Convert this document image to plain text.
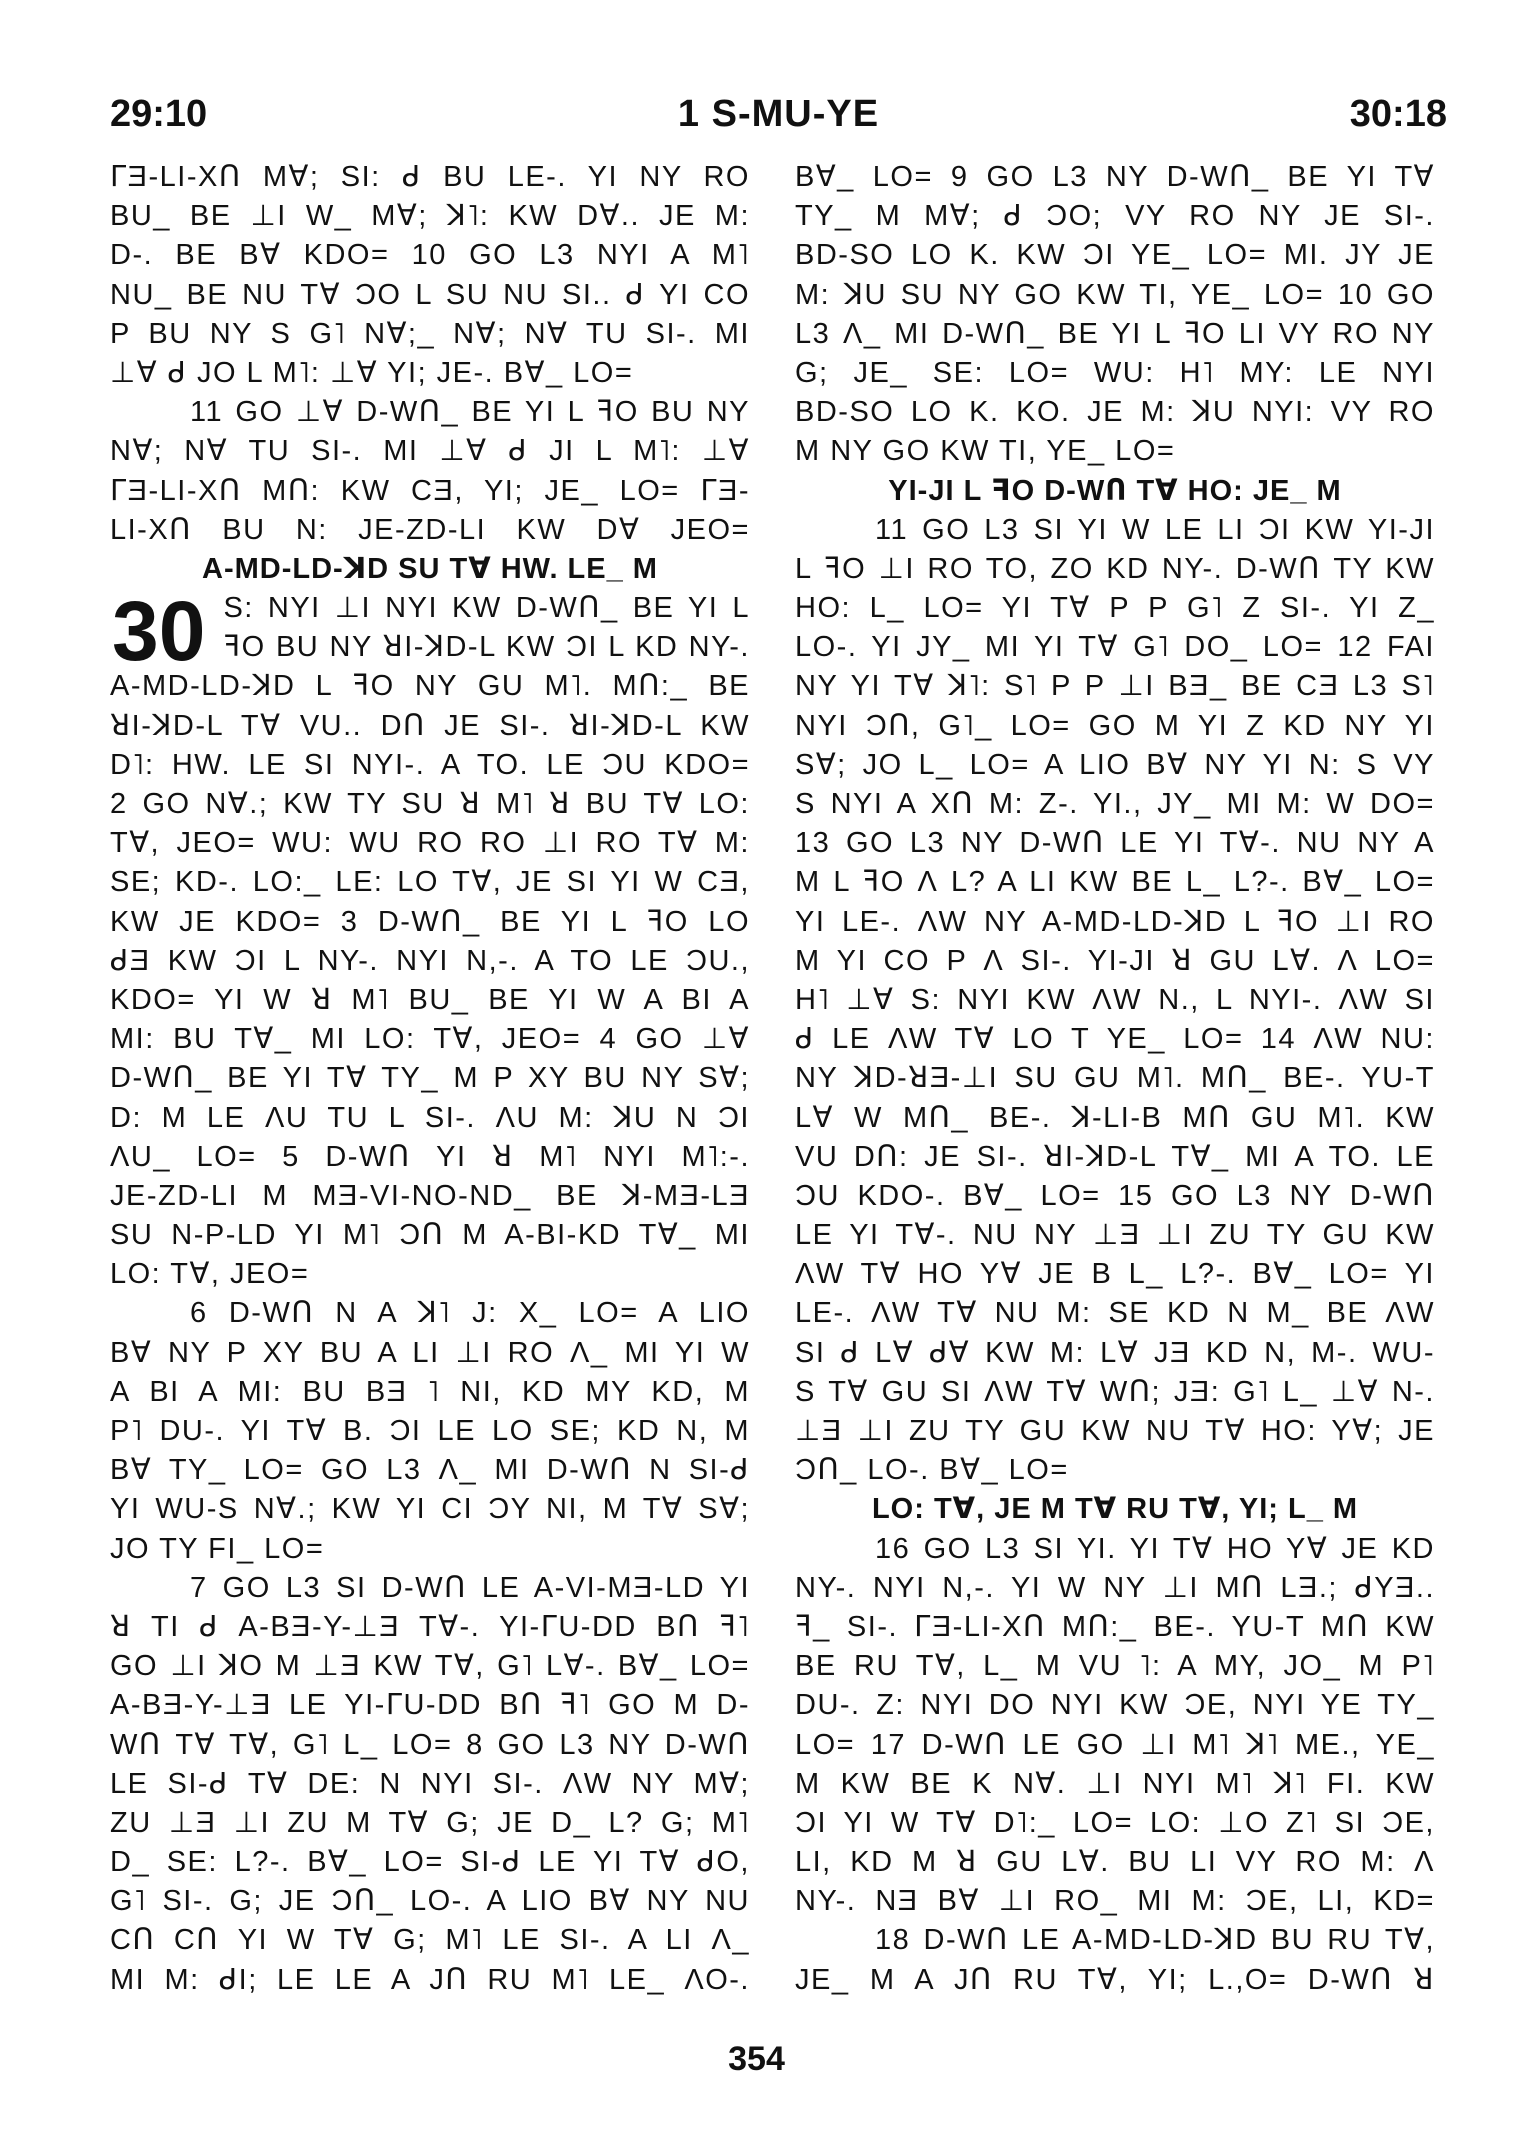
29:10	1 S-MU-YE	30:18
ᒥƎ-LI-XՈ MⱯ; SI: ᑯ BU LE-. YI NY RO
BU_ BE ⊥I W_ MⱯ; ꓘ˥: KW DⱯ.. JE M:
D-. BE BⱯ KDO= 10 GO L3 NYI A M˥
NU_ BE NU TⱯ ƆO L SU NU SI.. ᑯ YI CO
P BU NY S G˥ NⱯ;_ NⱯ; NⱯ TU SI-. MI
⊥Ɐ ᑯ JO L M˥: ⊥Ɐ YI; JE-. BⱯ_ LO=
11 GO ⊥Ɐ D-WՈ_ BE YI L ꟻO BU NY
NⱯ; NⱯ TU SI-. MI ⊥Ɐ ᑯ JI L M˥: ⊥Ɐ
ᒥƎ-LI-XՈ MՈ: KW CƎ, YI; JE_ LO= ᒥƎ-
LI-XՈ BU N: JE-ZD-LI KW DⱯ JEO=
A-MD-LD-ꓘD SU TⱯ HW. LE_ M
30 S: NYI ⊥I NYI KW D-WՈ_ BE YI L
ꟻO BU NY ꓤI-ꓘD-L KW ƆI L KD NY-.
A-MD-LD-ꓘD L ꟻO NY GU M˥. MՈ:_ BE
ꓤI-ꓘD-L TⱯ VU.. DՈ JE SI-. ꓤI-ꓘD-L KW
D˥: HW. LE SI NYI-. A TO. LE ƆU KDO=
2 GO NⱯ.; KW TY SU ꓤ M˥ ꓤ BU TⱯ LO:
TⱯ, JEO= WU: WU RO RO ⊥I RO TⱯ M:
SE; KD-. LO:_ LE: LO TⱯ, JE SI YI W CƎ,
KW JE KDO= 3 D-WՈ_ BE YI L ꟻO LO
ᑯƎ KW ƆI L NY-. NYI N,-. A TO LE ƆU.,
KDO= YI W ꓤ M˥ BU_ BE YI W A BI A
MI: BU TⱯ_ MI LO: TⱯ, JEO= 4 GO ⊥Ɐ
D-WՈ_ BE YI TⱯ TY_ M P XY BU NY SⱯ;
D: M LE ɅU TU L SI-. ɅU M: ꓘU N ƆI
ɅU_ LO= 5 D-WՈ YI ꓤ M˥ NYI M˥:-.
JE-ZD-LI M MƎ-VI-NO-ND_ BE ꓘ-MƎ-LƎ
SU N-P-LD YI M˥ ƆՈ M A-BI-KD TⱯ_ MI
LO: TⱯ, JEO=
6 D-WՈ N A ꓘ˥ J: X_ LO= A LIO
BⱯ NY P XY BU A LI ⊥I RO Ʌ_ MI YI W
A BI A MI: BU BƎ ˥ NI, KD MY KD, M
P˥ DU-. YI TⱯ B. ƆI LE LO SE; KD N, M
BⱯ TY_ LO= GO L3 Ʌ_ MI D-WՈ N SI-ᑯ
YI WU-S NⱯ.; KW YI CI ƆY NI, M TⱯ SⱯ;
JO TY FI_ LO=
7 GO L3 SI D-WՈ LE A-VI-MƎ-LD YI
ꓤ TI ᑯ A-BƎ-Y-⊥Ǝ TⱯ-. YI-ᒥU-DD BՈ ꟻ˥
GO ⊥I ꓘO M ⊥Ǝ KW TⱯ, G˥ LⱯ-. BⱯ_ LO=
A-BƎ-Y-⊥Ǝ LE YI-ᒥU-DD BՈ ꟻ˥ GO M D-
WՈ TⱯ TⱯ, G˥ L_ LO= 8 GO L3 NY D-WՈ
LE SI-ᑯ TⱯ DE: N NYI SI-. ɅW NY MⱯ;
ZU ⊥Ǝ ⊥I ZU M TⱯ G; JE D_ L? G; M˥
D_ SE: L?-. BⱯ_ LO= SI-ᑯ LE YI TⱯ ᑯO,
G˥ SI-. G; JE ƆՈ_ LO-. A LIO BⱯ NY NU
CՈ CՈ YI W TⱯ G; M˥ LE SI-. A LI Ʌ_
MI M: ᑯI; LE LE A JՈ RU M˥ LE_ ɅO-.
BⱯ_ LO= 9 GO L3 NY D-WՈ_ BE YI TⱯ
TY_ M MⱯ; ᑯ ƆO; VY RO NY JE SI-.
BD-SO LO K. KW ƆI YE_ LO= MI. JY JE
M: ꓘU SU NY GO KW TI, YE_ LO= 10 GO
L3 Ʌ_ MI D-WՈ_ BE YI L ꟻO LI VY RO NY
G; JE_ SE: LO= WU: H˥ MY: LE NYI
BD-SO LO K. KO. JE M: ꓘU NYI: VY RO
M NY GO KW TI, YE_ LO=
YI-JI L ꟻO D-WՈ TⱯ HO: JE_ M
11 GO L3 SI YI W LE LI ƆI KW YI-JI
L ꟻO ⊥I RO TO, ZO KD NY-. D-WՈ TY KW
HO: L_ LO= YI TⱯ P P G˥ Z SI-. YI Z_
LO-. YI JY_ MI YI TⱯ G˥ DO_ LO= 12 FAI
NY YI TⱯ ꓘ˥: S˥ P P ⊥I BƎ_ BE CƎ L3 S˥
NYI ƆՈ, G˥_ LO= GO M YI Z KD NY YI
SⱯ; JO L_ LO= A LIO BⱯ NY YI N: S VY
S NYI A XՈ M: Z-. YI., JY_ MI M: W DO=
13 GO L3 NY D-WՈ LE YI TⱯ-. NU NY A
M L ꟻO Ʌ L? A LI KW BE L_ L?-. BⱯ_ LO=
YI LE-. ɅW NY A-MD-LD-ꓘD L ꟻO ⊥I RO
M YI CO P Ʌ SI-. YI-JI ꓤ GU LⱯ. Ʌ LO=
H˥ ⊥Ɐ S: NYI KW ɅW N., L NYI-. ɅW SI
ᑯ LE ɅW TⱯ LO T YE_ LO= 14 ɅW NU:
NY ꓘD-ꓤƎ-⊥I SU GU M˥. MՈ_ BE-. YU-T
LⱯ W MՈ_ BE-. ꓘ-LI-B MՈ GU M˥. KW
VU DՈ: JE SI-. ꓤI-ꓘD-L TⱯ_ MI A TO. LE
ƆU KDO-. BⱯ_ LO= 15 GO L3 NY D-WՈ
LE YI TⱯ-. NU NY ⊥Ǝ ⊥I ZU TY GU KW
ɅW TⱯ HO YⱯ JE B L_ L?-. BⱯ_ LO= YI
LE-. ɅW TⱯ NU M: SE KD N M_ BE ɅW
SI ᑯ LⱯ ᑯⱯ KW M: LⱯ JƎ KD N, M-. WU-
S TⱯ GU SI ɅW TⱯ WՈ; JƎ: G˥ L_ ⊥Ɐ N-.
⊥Ǝ ⊥I ZU TY GU KW NU TⱯ HO: YⱯ; JE
ƆՈ_ LO-. BⱯ_ LO=
LO: TⱯ, JE M TⱯ RU TⱯ, YI; L_ M
16 GO L3 SI YI. YI TⱯ HO YⱯ JE KD
NY-. NYI N,-. YI W NY ⊥I MՈ LƎ.; ᑯYƎ..
ꟻ_ SI-. ᒥƎ-LI-XՈ MՈ:_ BE-. YU-T MՈ KW
BE RU TⱯ, L_ M VU ˥: A MY, JO_ M P˥
DU-. Z: NYI DO NYI KW ƆE, NYI YE TY_
LO= 17 D-WՈ LE GO ⊥I M˥ ꓘ˥ ME., YE_
M KW BE K NⱯ. ⊥I NYI M˥ ꓘ˥ FI. KW
ƆI YI W TⱯ D˥:_ LO= LO: ⊥O Z˥ SI ƆE,
LI, KD M ꓤ GU LⱯ. BU LI VY RO M: Ʌ
NY-. NƎ BⱯ ⊥I RO_ MI M: ƆE, LI, KD=
18 D-WՈ LE A-MD-LD-ꓘD BU RU TⱯ,
JE_ M A JՈ RU TⱯ, YI; L.,O= D-WՈ ꓤ
354
